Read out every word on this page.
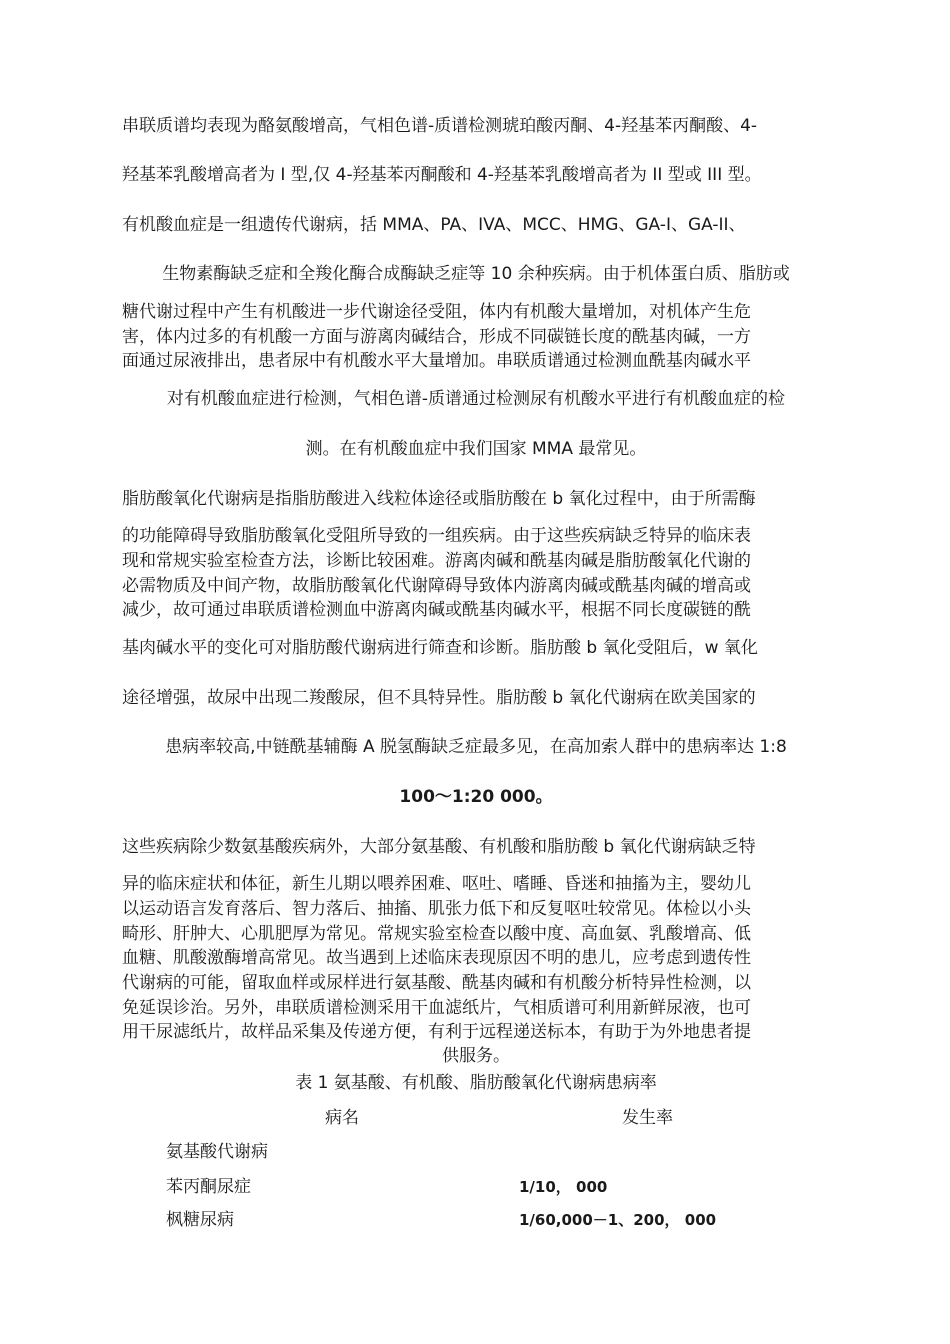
串联质谱均表现为酪氨酸增高，气相色谱-质谱检测琥珀酸丙酮、4-羟基苯丙酮酸、4-
羟基苯乳酸增高者为 I 型,仅 4-羟基苯丙酮酸和 4-羟基苯乳酸增高者为 II 型或 III 型。
有机酸血症是一组遗传代谢病，括 MMA、PA、IVA、MCC、HMG、GA-I、GA-II、
生物素酶缺乏症和全羧化酶合成酶缺乏症等 10 余种疾病。由于机体蛋白质、脂肪或
糖代谢过程中产生有机酸进一步代谢途径受阻，体内有机酸大量增加，对机体产生危
害，体内过多的有机酸一方面与游离肉碱结合，形成不同碳链长度的酰基肉碱，一方
面通过尿液排出，患者尿中有机酸水平大量增加。串联质谱通过检测血酰基肉碱水平
对有机酸血症进行检测，气相色谱-质谱通过检测尿有机酸水平进行有机酸血症的检
测。在有机酸血症中我们国家 MMA 最常见。
脂肪酸氧化代谢病是指脂肪酸进入线粒体途径或脂肪酸在 b 氧化过程中，由于所需酶
的功能障碍导致脂肪酸氧化受阻所导致的一组疾病。由于这些疾病缺乏特异的临床表
现和常规实验室检查方法，诊断比较困难。游离肉碱和酰基肉碱是脂肪酸氧化代谢的
必需物质及中间产物，故脂肪酸氧化代谢障碍导致体内游离肉碱或酰基肉碱的增高或
减少，故可通过串联质谱检测血中游离肉碱或酰基肉碱水平，根据不同长度碳链的酰
基肉碱水平的变化可对脂肪酸代谢病进行筛查和诊断。脂肪酸 b 氧化受阻后，w 氧化
途径增强，故尿中出现二羧酸尿，但不具特异性。脂肪酸 b 氧化代谢病在欧美国家的
患病率较高,中链酰基辅酶 A 脱氢酶缺乏症最多见，在高加索人群中的患病率达 1:8
100～1:20 000。
这些疾病除少数氨基酸疾病外，大部分氨基酸、有机酸和脂肪酸 b 氧化代谢病缺乏特
异的临床症状和体征，新生儿期以喂养困难、呕吐、嗜睡、昏迷和抽搐为主，婴幼儿
以运动语言发育落后、智力落后、抽搐、肌张力低下和反复呕吐较常见。体检以小头
畸形、肝肿大、心肌肥厚为常见。常规实验室检查以酸中度、高血氨、乳酸增高、低
血糖、肌酸激酶增高常见。故当遇到上述临床表现原因不明的患儿，应考虑到遗传性
代谢病的可能，留取血样或尿样进行氨基酸、酰基肉碱和有机酸分析特异性检测，以
免延误诊治。另外，串联质谱检测采用干血滤纸片，气相质谱可利用新鲜尿液，也可
用干尿滤纸片，故样品采集及传递方便，有利于远程递送标本，有助于为外地患者提
供服务。
表 1 氨基酸、有机酸、脂肪酸氧化代谢病患病率
病名	发生率
氨基酸代谢病
苯丙酮尿症	1/10， 000
枫糖尿病	1/60,000－1、200， 000
